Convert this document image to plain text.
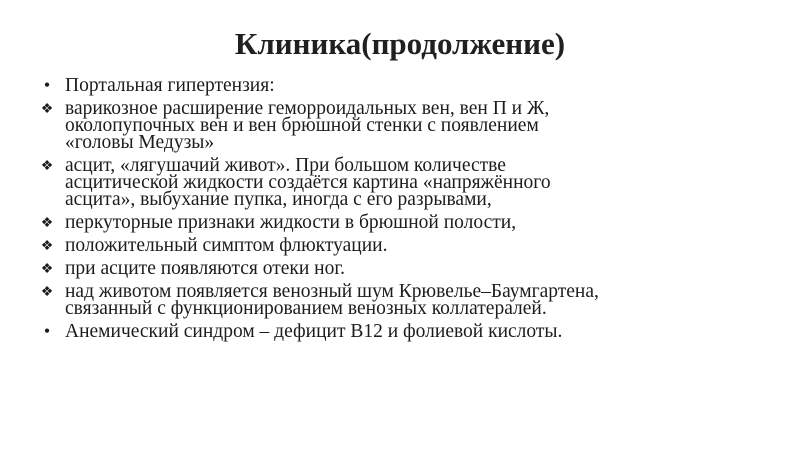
Клиника(продолжение)
• Портальная гипертензия:
❖ варикозное расширение геморроидальных вен, вен П и Ж,
околопупочных вен и вен брюшной стенки с появлением
«головы Медузы»
❖ асцит, «лягушачий живот». При большом количестве
асцитической жидкости создаётся картина «напряжённого
асцита», выбухание пупка, иногда с его разрывами,
❖ перкуторные признаки жидкости в брюшной полости,
❖ положительный симптом флюктуации.
❖ при асците появляются отеки ног.
❖ над животом появляется венозный шум Крювелье–Баумгартена,
связанный с функционированием венозных коллатералей.
• Анемический синдром – дефицит В12 и фолиевой кислоты.
